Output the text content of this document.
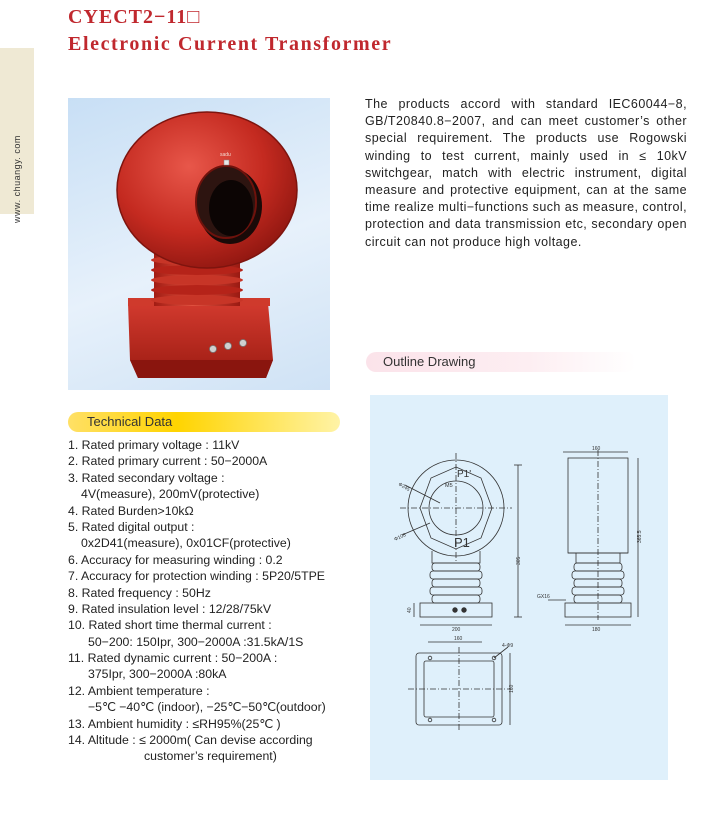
www. chuangy. com
CYECT2−11□
Electronic Current Transformer
sadu
The products accord with standard IEC60044−8, GB/T20840.8−2007, and can meet customer’s other special requirement. The products use Rogowski winding to test current, mainly used in ≤ 10kV switchgear, match with electric instrument, digital measure and protective equipment, can at the same time realize multi−functions such as measure, control, protection and data transmission etc, secondary open circuit can not produce high voltage.
Outline Drawing
Technical Data
1. Rated primary voltage : 11kV
2. Rated primary current : 50−2000A
3. Rated secondary voltage :
4V(measure), 200mV(protective)
4. Rated Burden>10kΩ
5. Rated digital output :
0x2D41(measure), 0x01CF(protective)
6. Accuracy for measuring winding : 0.2
7. Accuracy for protection winding : 5P20/5TPE
8. Rated frequency : 50Hz
9. Rated insulation level : 12/28/75kV
10. Rated short time thermal current :
50−200: 150Ipr, 300−2000A :31.5kA/1S
11. Rated dynamic current : 50−200A :
375Ipr, 300−2000A :80kA
12. Ambient temperature :
−5℃ −40℃ (indoor), −25℃−50℃(outdoor)
13. Ambient humidity : ≤RH95%(25℃ )
14. Altitude : ≤ 2000m( Can devise according
customer’s requirement)
P1'
M5
P1
Φ245
Φ108
305
200
40
160
365.5
GX16
180
160
4-Φ9
160
